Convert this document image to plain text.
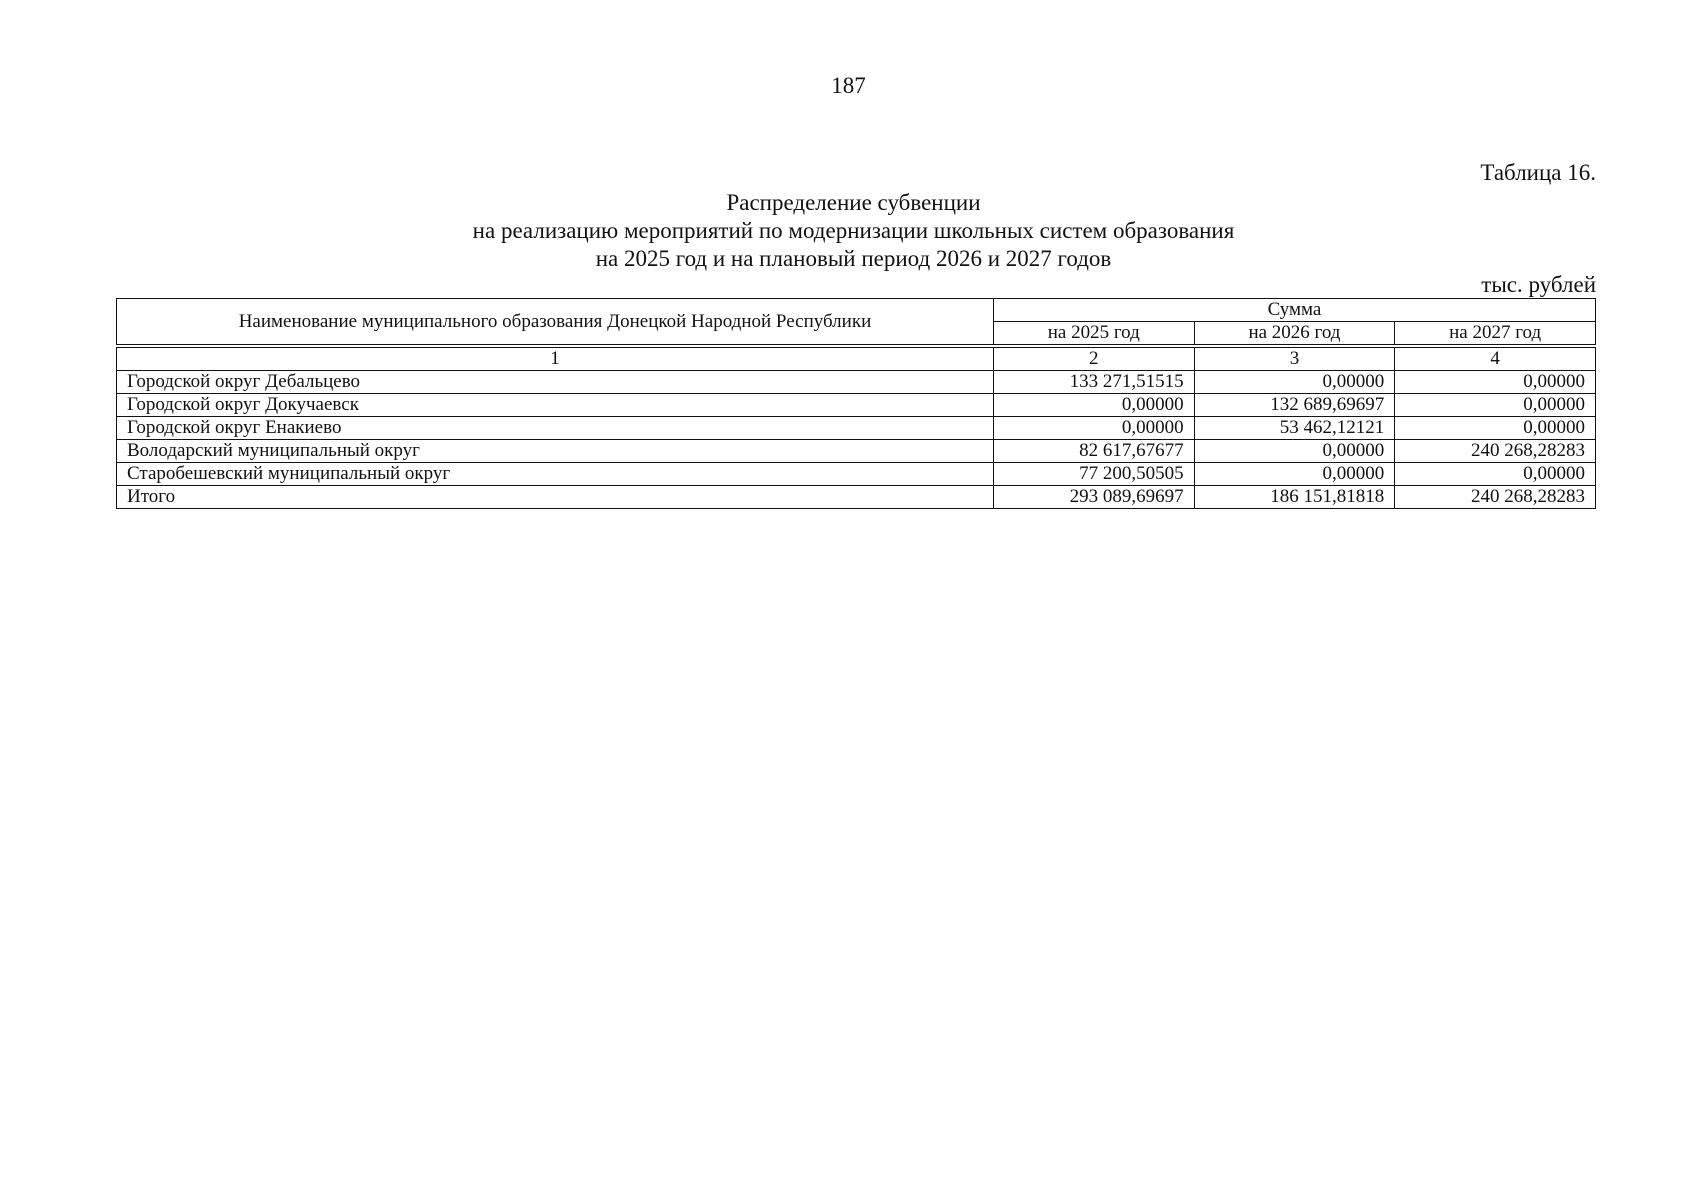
187
Таблица 16.
Распределение субвенции
на реализацию мероприятий по модернизации школьных систем образования
на 2025 год и на плановый период 2026 и 2027 годов
тыс. рублей
Наименование муниципального образования Донецкой Народной Республики	Сумма		
	на 2025 год	на 2026 год	на 2027 год
1	2	3	4
Городской округ Дебальцево	133 271,51515	0,00000	0,00000
Городской округ Докучаевск	0,00000	132 689,69697	0,00000
Городской округ Енакиево	0,00000	53 462,12121	0,00000
Володарский муниципальный округ	82 617,67677	0,00000	240 268,28283
Старобешевский муниципальный округ	77 200,50505	0,00000	0,00000
Итого	293 089,69697	186 151,81818	240 268,28283
